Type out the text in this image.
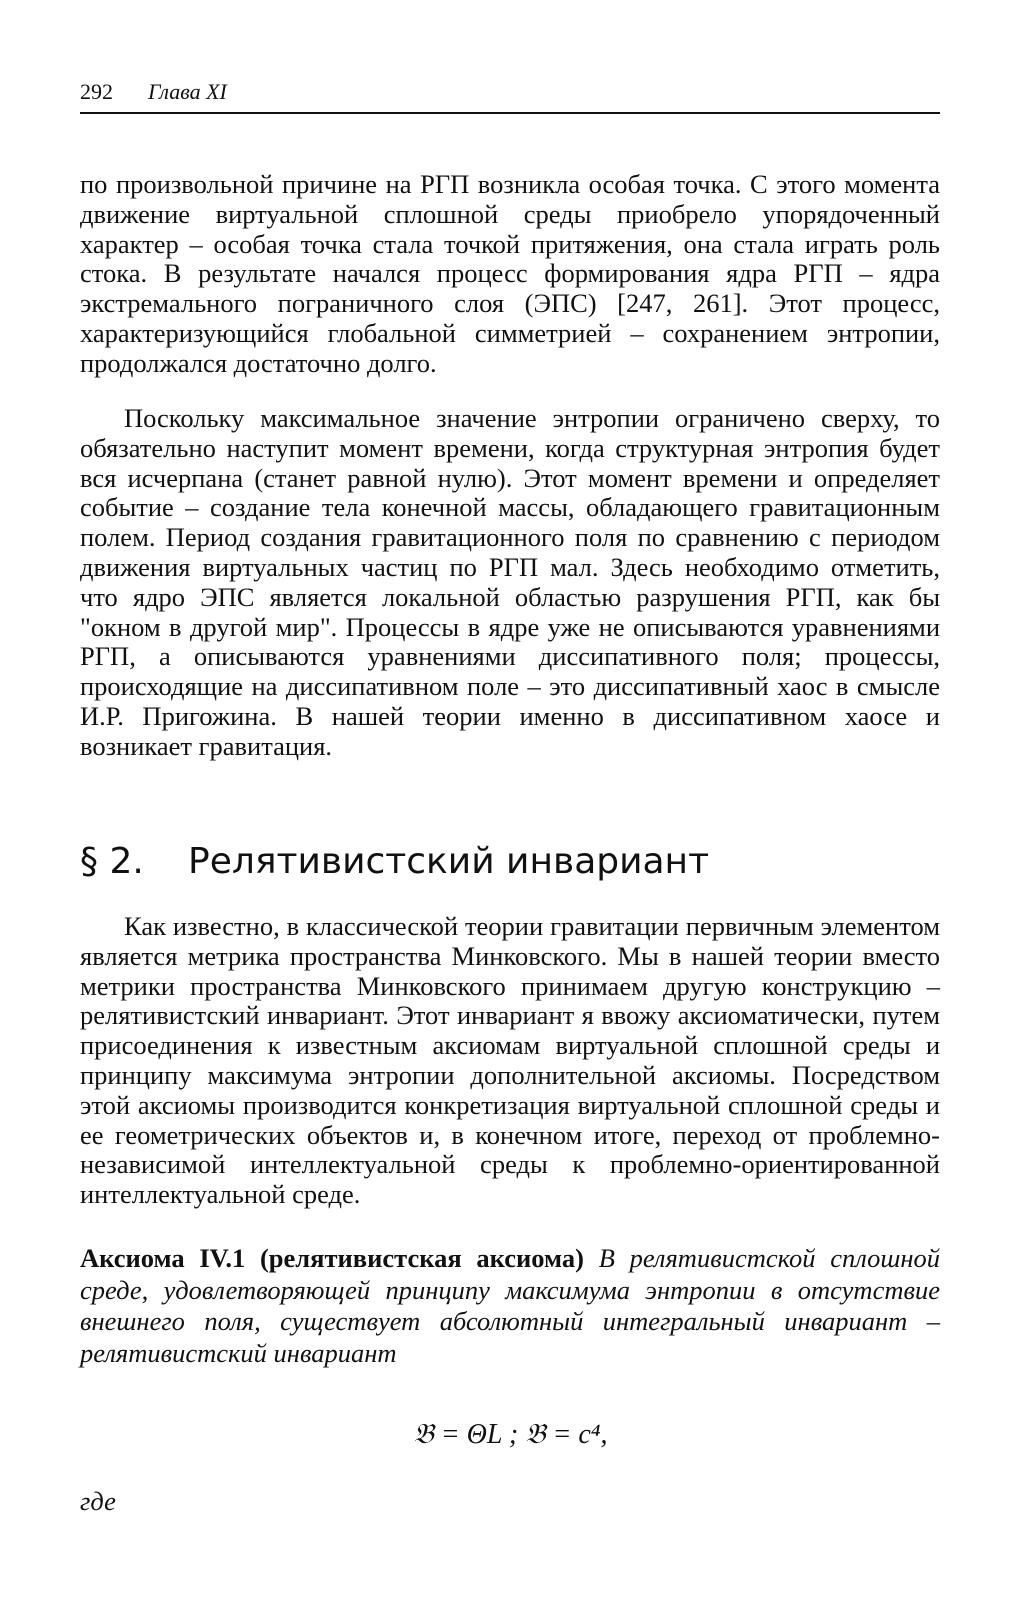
292 Глава XI

по произвольной причине на РГП возникла особая точка. С этого момента движение виртуальной сплошной среды приобрело упорядоченный характер – особая точка стала точкой притяжения, она стала играть роль стока. В результате начался процесс формирования ядра РГП – ядра экстремального пограничного слоя (ЭПС) [247, 261]. Этот процесс, характеризующийся глобальной симметрией – сохранением энтропии, продолжался достаточно долго.

Поскольку максимальное значение энтропии ограничено сверху, то обязательно наступит момент времени, когда структурная энтропия будет вся исчерпана (станет равной нулю). Этот момент времени и определяет событие – создание тела конечной массы, обладающего гравитационным полем. Период создания гравитационного поля по сравнению с периодом движения виртуальных частиц по РГП мал. Здесь необходимо отметить, что ядро ЭПС является локальной областью разрушения РГП, как бы "окном в другой мир". Процессы в ядре уже не описываются уравнениями РГП, а описываются уравнениями диссипативного поля; процессы, происходящие на диссипативном поле – это диссипативный хаос в смысле И.Р. Пригожина. В нашей теории именно в диссипативном хаосе и возникает гравитация.

§ 2. Релятивистский инвариант

Как известно, в классической теории гравитации первичным элементом является метрика пространства Минковского. Мы в нашей теории вместо метрики пространства Минковского принимаем другую конструкцию – релятивистский инвариант. Этот инвариант я ввожу аксиоматически, путем присоединения к известным аксиомам виртуальной сплошной среды и принципу максимума энтропии дополнительной аксиомы. Посредством этой аксиомы производится конкретизация виртуальной сплошной среды и ее геометрических объектов и, в конечном итоге, переход от проблемно-независимой интеллектуальной среды к проблемно-ориентированной интеллектуальной среде.

Аксиома IV.1 (релятивистская аксиома) В релятивистской сплошной среде, удовлетворяющей принципу максимума энтропии в отсутствие внешнего поля, существует абсолютный интегральный инвариант – релятивистский инвариант

𝔅 = ΘL ; 𝔅 = c⁴,
где
